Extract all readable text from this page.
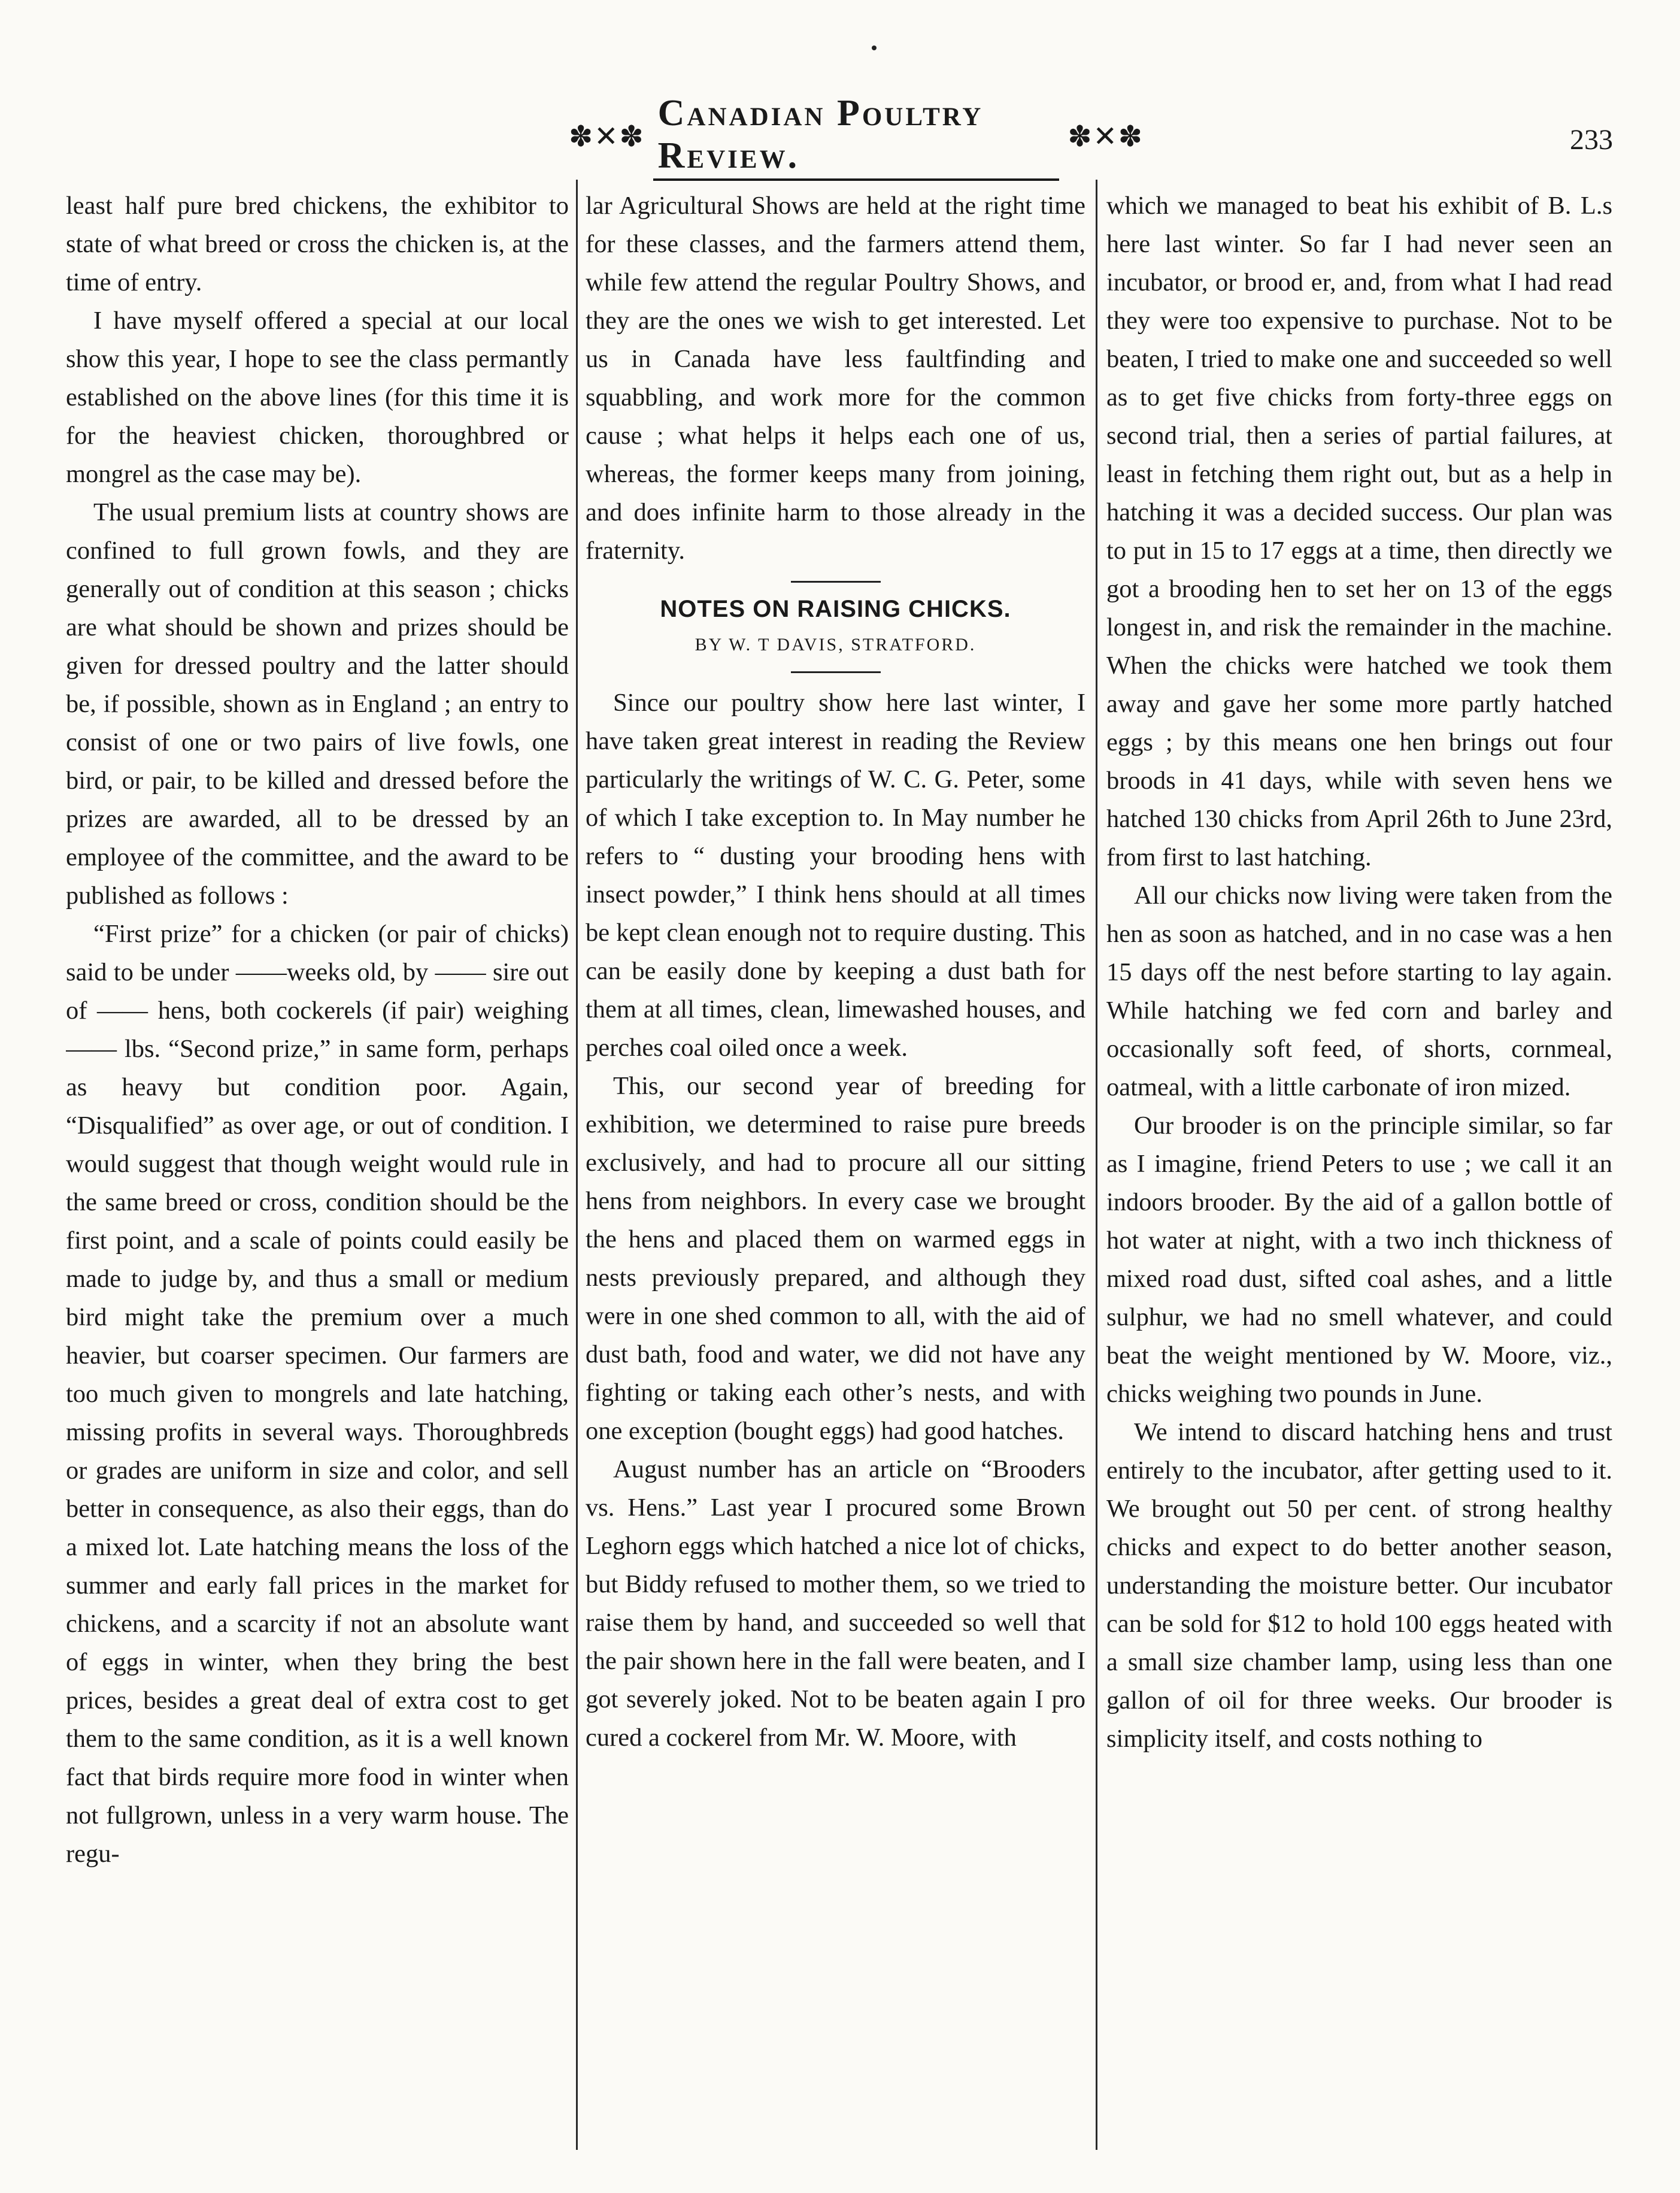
✽✕✽
Canadian Poultry Review.	✽✕✽	233

least half pure bred chickens, the exhibitor to state of what breed or cross the chicken is, at the time of entry.

I have myself offered a special at our local show this year, I hope to see the class permantly established on the above lines (for this time it is for the heaviest chicken, thoroughbred or mongrel as the case may be).

The usual premium lists at country shows are confined to full grown fowls, and they are generally out of condition at this season ; chicks are what should be shown and prizes should be given for dressed poultry and the latter should be, if possible, shown as in England ; an entry to consist of one or two pairs of live fowls, one bird, or pair, to be killed and dressed before the prizes are awarded, all to be dressed by an employee of the committee, and the award to be published as follows :

“First prize” for a chicken (or pair of chicks) said to be under ——weeks old, by —— sire out of —— hens, both cockerels (if pair) weighing —— lbs. “Second prize,” in same form, perhaps as heavy but condition poor. Again, “Disqualified” as over age, or out of condition. I would suggest that though weight would rule in the same breed or cross, condition should be the first point, and a scale of points could easily be made to judge by, and thus a small or medium bird might take the premium over a much heavier, but coarser specimen. Our farmers are too much given to mongrels and late hatching, missing profits in several ways. Thoroughbreds or grades are uniform in size and color, and sell better in consequence, as also their eggs, than do a mixed lot. Late hatching means the loss of the summer and early fall prices in the market for chickens, and a scarcity if not an absolute want of eggs in winter, when they bring the best prices, besides a great deal of extra cost to get them to the same condition, as it is a well known fact that birds require more food in winter when not fullgrown, unless in a very warm house. The regu-

lar Agricultural Shows are held at the right time for these classes, and the farmers attend them, while few attend the regular Poultry Shows, and they are the ones we wish to get interested. Let us in Canada have less faultfinding and squabbling, and work more for the common cause ; what helps it helps each one of us, whereas, the former keeps many from joining, and does infinite harm to those already in the fraternity.

NOTES ON RAISING CHICKS.
BY W. T DAVIS, STRATFORD.

Since our poultry show here last winter, I have taken great interest in reading the Review particularly the writings of W. C. G. Peter, some of which I take exception to. In May number he refers to “ dusting your brooding hens with insect powder,” I think hens should at all times be kept clean enough not to require dusting. This can be easily done by keeping a dust bath for them at all times, clean, limewashed houses, and perches coal oiled once a week.

This, our second year of breeding for exhibition, we determined to raise pure breeds exclusively, and had to procure all our sitting hens from neighbors. In every case we brought the hens and placed them on warmed eggs in nests previously prepared, and although they were in one shed common to all, with the aid of dust bath, food and water, we did not have any fighting or taking each other’s nests, and with one exception (bought eggs) had good hatches.

August number has an article on “Brooders vs. Hens.” Last year I procured some Brown Leghorn eggs which hatched a nice lot of chicks, but Biddy refused to mother them, so we tried to raise them by hand, and succeeded so well that the pair shown here in the fall were beaten, and I got severely joked. Not to be beaten again I pro cured a cockerel from Mr. W. Moore, with

which we managed to beat his exhibit of B. L.s here last winter. So far I had never seen an incubator, or brood er, and, from what I had read they were too expensive to purchase. Not to be beaten, I tried to make one and succeeded so well as to get five chicks from forty-three eggs on second trial, then a series of partial failures, at least in fetching them right out, but as a help in hatching it was a decided success. Our plan was to put in 15 to 17 eggs at a time, then directly we got a brooding hen to set her on 13 of the eggs longest in, and risk the remainder in the machine. When the chicks were hatched we took them away and gave her some more partly hatched eggs ; by this means one hen brings out four broods in 41 days, while with seven hens we hatched 130 chicks from April 26th to June 23rd, from first to last hatching.

All our chicks now living were taken from the hen as soon as hatched, and in no case was a hen 15 days off the nest before starting to lay again. While hatching we fed corn and barley and occasionally soft feed, of shorts, cornmeal, oatmeal, with a little carbonate of iron mized.

Our brooder is on the principle similar, so far as I imagine, friend Peters to use ; we call it an indoors brooder. By the aid of a gallon bottle of hot water at night, with a two inch thickness of mixed road dust, sifted coal ashes, and a little sulphur, we had no smell whatever, and could beat the weight mentioned by W. Moore, viz., chicks weighing two pounds in June.

We intend to discard hatching hens and trust entirely to the incubator, after getting used to it. We brought out 50 per cent. of strong healthy chicks and expect to do better another season, understanding the moisture better. Our incubator can be sold for $12 to hold 100 eggs heated with a small size chamber lamp, using less than one gallon of oil for three weeks. Our brooder is simplicity itself, and costs nothing to
